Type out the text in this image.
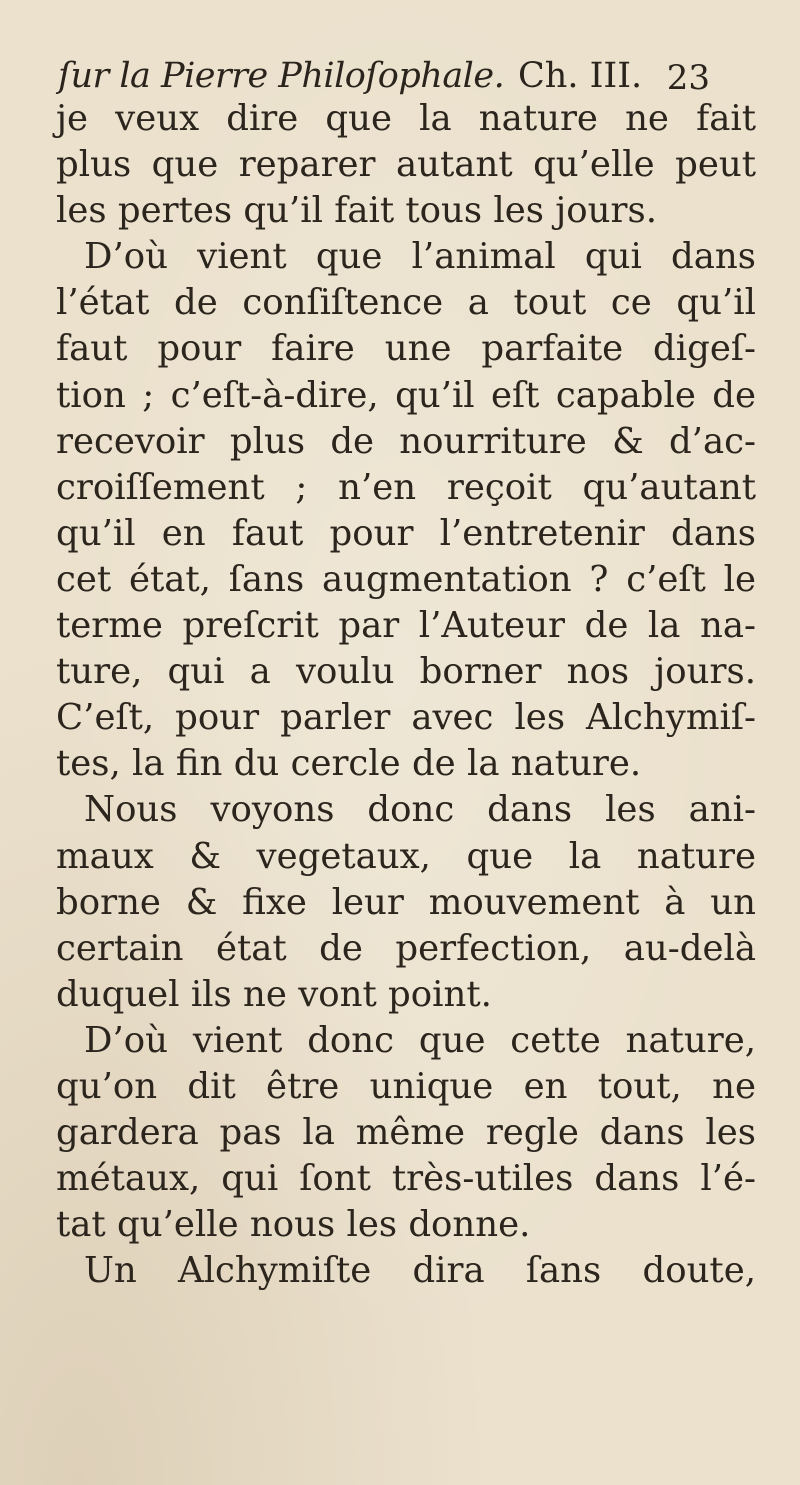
ſur la Pierre Philoſophale. Ch. III. 23
je veux dire que la nature ne fait
plus que reparer autant qu’elle peut
les pertes qu’il fait tous les jours.
D’où vient que l’animal qui dans
l’état de conſiſtence a tout ce qu’il
faut pour faire une parfaite digeſ-
tion ; c’eſt-à-dire, qu’il eſt capable de
recevoir plus de nourriture & d’ac-
croiſſement ; n’en reçoit qu’autant
qu’il en faut pour l’entretenir dans
cet état, ſans augmentation ? c’eſt le
terme preſcrit par l’Auteur de la na-
ture, qui a voulu borner nos jours.
C’eſt, pour parler avec les Alchymiſ-
tes, la fin du cercle de la nature.
Nous voyons donc dans les ani-
maux & vegetaux, que la nature
borne & fixe leur mouvement à un
certain état de perfection, au-delà
duquel ils ne vont point.
D’où vient donc que cette nature,
qu’on dit être unique en tout, ne
gardera pas la même regle dans les
métaux, qui ſont très-utiles dans l’é-
tat qu’elle nous les donne.
Un Alchymiſte dira ſans doute,
